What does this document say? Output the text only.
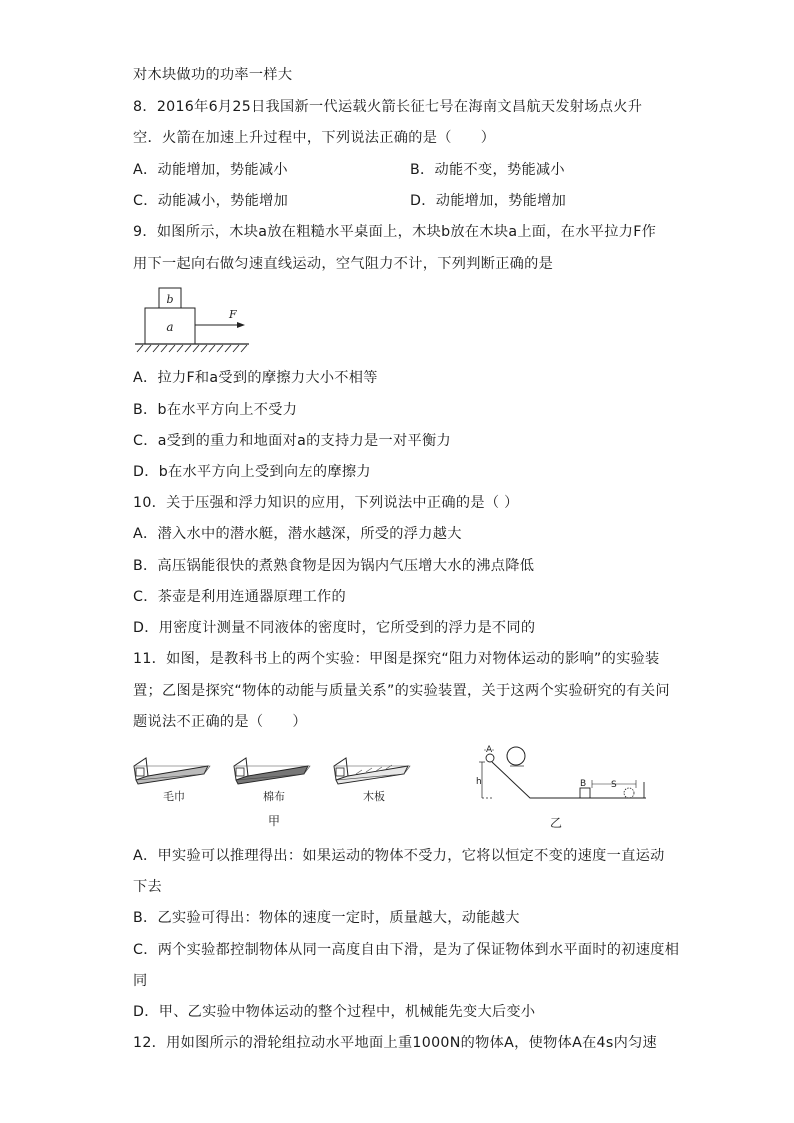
对木块做功的功率一样大
8．2016年6月25日我国新一代运载火箭长征七号在海南文昌航天发射场点火升
空．火箭在加速上升过程中，下列说法正确的是（　　）
A．动能增加，势能减小	B．动能不变，势能减小
C．动能减小，势能增加	D．动能增加，势能增加
9．如图所示，木块a放在粗糙水平桌面上，木块b放在木块a上面，在水平拉力F作
用下一起向右做匀速直线运动，空气阻力不计，下列判断正确的是
b
a
F
A．拉力F和a受到的摩擦力大小不相等
B．b在水平方向上不受力
C．a受到的重力和地面对a的支持力是一对平衡力
D．b在水平方向上受到向左的摩擦力
10．关于压强和浮力知识的应用，下列说法中正确的是（ ）
A．潜入水中的潜水艇，潜水越深，所受的浮力越大
B．高压锅能很快的煮熟食物是因为锅内气压增大水的沸点降低
C．茶壶是利用连通器原理工作的
D．用密度计测量不同液体的密度时，它所受到的浮力是不同的
11．如图，是教科书上的两个实验：甲图是探究“阻力对物体运动的影响”的实验装
置；乙图是探究“物体的动能与质量关系”的实验装置，关于这两个实验研究的有关问
题说法不正确的是（　　）
毛巾	棉布	木板
甲
A
h	B	S
乙
A．甲实验可以推理得出：如果运动的物体不受力，它将以恒定不变的速度一直运动
下去
B．乙实验可得出：物体的速度一定时，质量越大，动能越大
C．两个实验都控制物体从同一高度自由下滑，是为了保证物体到水平面时的初速度相
同
D．甲、乙实验中物体运动的整个过程中，机械能先变大后变小
12．用如图所示的滑轮组拉动水平地面上重1000N的物体A，使物体A在4s内匀速
